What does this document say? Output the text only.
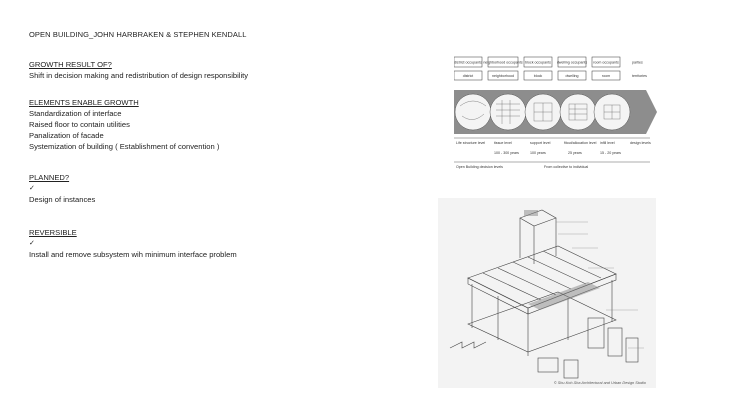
OPEN BUILDING_JOHN HARBRAKEN & STEPHEN KENDALL

GROWTH RESULT OF?

Shift in decision making and redistribution of design responsibility

ELEMENTS ENABLE GROWTH

Standardization of interface

Raised floor to contain utilities

Panalization of facade

Systemization of building ( Establishment of convention )

PLANNED?

✓

Design of instances

REVERSIBLE

✓

Install and remove subsystem wih minimum interface problem

district occupants neighborhood occupants block occupants dwelling occupants room occupants	parties
district	neighborhood	block	dwelling	room	territories
Life structure level tissue level	support level	fitout/allocation level infill level	design levels
100 - 300 years	100 years	25 years	15 - 20 years
Open Building decision levels	From collective to individual
© Shu-Koh-Sha Architectural and Urban Design Studio
